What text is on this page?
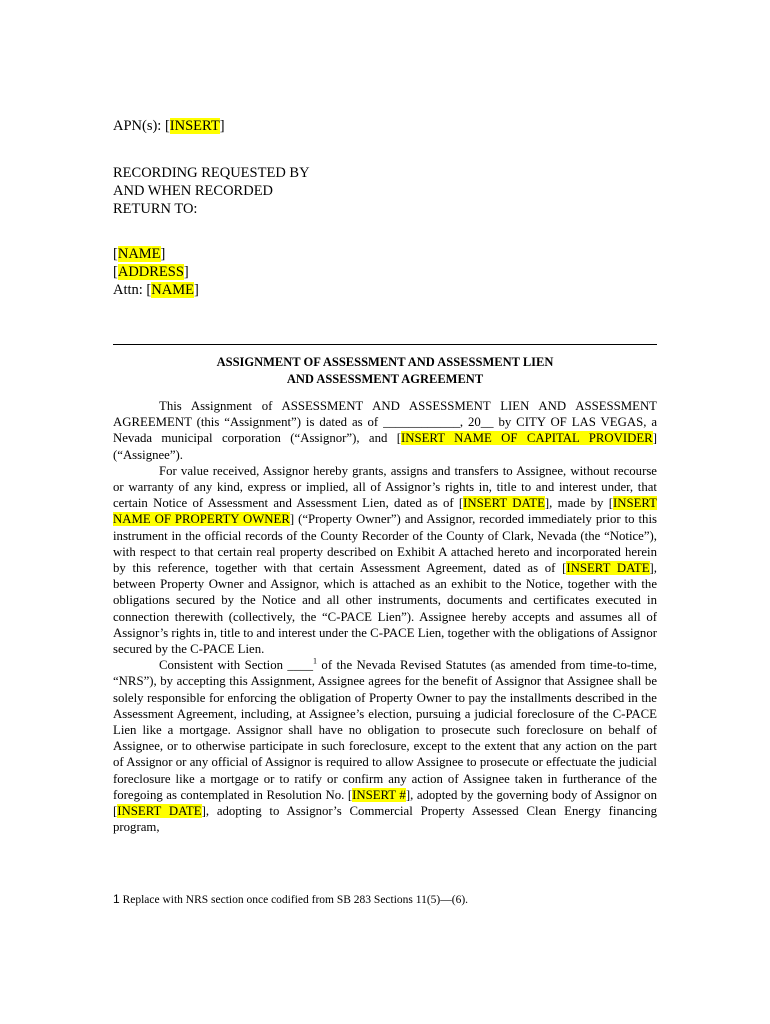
APN(s): [INSERT]
RECORDING REQUESTED BY
AND WHEN RECORDED
RETURN TO:
[NAME]
[ADDRESS]
Attn: [NAME]
ASSIGNMENT OF ASSESSMENT AND ASSESSMENT LIEN
AND ASSESSMENT AGREEMENT

This Assignment of ASSESSMENT AND ASSESSMENT LIEN AND ASSESSMENT AGREEMENT (this “Assignment”) is dated as of ____________, 20__ by CITY OF LAS VEGAS, a Nevada municipal corporation (“Assignor”), and [INSERT NAME OF CAPITAL PROVIDER] (“Assignee”).

For value received, Assignor hereby grants, assigns and transfers to Assignee, without recourse or warranty of any kind, express or implied, all of Assignor’s rights in, title to and interest under, that certain Notice of Assessment and Assessment Lien, dated as of [INSERT DATE], made by [INSERT NAME OF PROPERTY OWNER] (“Property Owner”) and Assignor, recorded immediately prior to this instrument in the official records of the County Recorder of the County of Clark, Nevada (the “Notice”), with respect to that certain real property described on Exhibit A attached hereto and incorporated herein by this reference, together with that certain Assessment Agreement, dated as of [INSERT DATE], between Property Owner and Assignor, which is attached as an exhibit to the Notice, together with the obligations secured by the Notice and all other instruments, documents and certificates executed in connection therewith (collectively, the “C-PACE Lien”). Assignee hereby accepts and assumes all of Assignor’s rights in, title to and interest under the C-PACE Lien, together with the obligations of Assignor secured by the C-PACE Lien.

Consistent with Section ____$^1$ of the Nevada Revised Statutes (as amended from time-to-time, “NRS”), by accepting this Assignment, Assignee agrees for the benefit of Assignor that Assignee shall be solely responsible for enforcing the obligation of Property Owner to pay the installments described in the Assessment Agreement, including, at Assignee’s election, pursuing a judicial foreclosure of the C-PACE Lien like a mortgage. Assignor shall have no obligation to prosecute such foreclosure on behalf of Assignee, or to otherwise participate in such foreclosure, except to the extent that any action on the part of Assignor or any official of Assignor is required to allow Assignee to prosecute or effectuate the judicial foreclosure like a mortgage or to ratify or confirm any action of Assignee taken in furtherance of the foregoing as contemplated in Resolution No. [INSERT #], adopted by the governing body of Assignor on [INSERT DATE], adopting to Assignor’s Commercial Property Assessed Clean Energy financing program,

1 Replace with NRS section once codified from SB 283 Sections 11(5)—(6).
